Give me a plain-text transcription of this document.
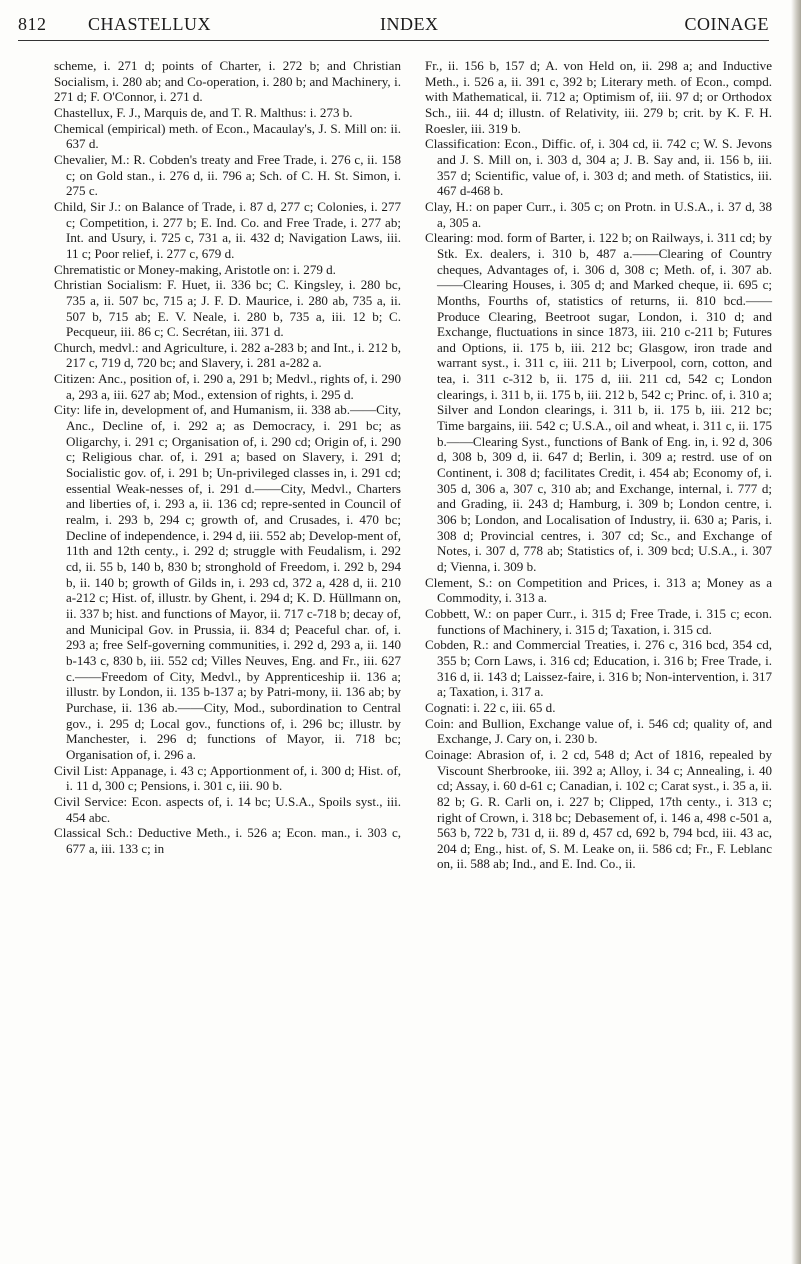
812 CHASTELLUX	INDEX	COINAGE

scheme, i. 271 d; points of Charter, i. 272 b; and Christian Socialism, i. 280 ab; and Co-operation, i. 280 b; and Machinery, i. 271 d; F. O'Connor, i. 271 d.

Chastellux, F. J., Marquis de, and T. R. Malthus: i. 273 b.

Chemical (empirical) meth. of Econ., Macaulay's, J. S. Mill on: ii. 637 d.

Chevalier, M.: R. Cobden's treaty and Free Trade, i. 276 c, ii. 158 c; on Gold stan., i. 276 d, ii. 796 a; Sch. of C. H. St. Simon, i. 275 c.

Child, Sir J.: on Balance of Trade, i. 87 d, 277 c; Colonies, i. 277 c; Competition, i. 277 b; E. Ind. Co. and Free Trade, i. 277 ab; Int. and Usury, i. 725 c, 731 a, ii. 432 d; Navigation Laws, iii. 11 c; Poor relief, i. 277 c, 679 d.

Chrematistic or Money-making, Aristotle on: i. 279 d.

Christian Socialism: F. Huet, ii. 336 bc; C. Kingsley, i. 280 bc, 735 a, ii. 507 bc, 715 a; J. F. D. Maurice, i. 280 ab, 735 a, ii. 507 b, 715 ab; E. V. Neale, i. 280 b, 735 a, iii. 12 b; C. Pecqueur, iii. 86 c; C. Secrétan, iii. 371 d.

Church, medvl.: and Agriculture, i. 282 a-283 b; and Int., i. 212 b, 217 c, 719 d, 720 bc; and Slavery, i. 281 a-282 a.

Citizen: Anc., position of, i. 290 a, 291 b; Medvl., rights of, i. 290 a, 293 a, iii. 627 ab; Mod., extension of rights, i. 295 d.

City: life in, development of, and Humanism, ii. 338 ab.——City, Anc., Decline of, i. 292 a; as Democracy, i. 291 bc; as Oligarchy, i. 291 c; Organisation of, i. 290 cd; Origin of, i. 290 c; Religious char. of, i. 291 a; based on Slavery, i. 291 d; Socialistic gov. of, i. 291 b; Un-privileged classes in, i. 291 cd; essential Weak-nesses of, i. 291 d.——City, Medvl., Charters and liberties of, i. 293 a, ii. 136 cd; repre-sented in Council of realm, i. 293 b, 294 c; growth of, and Crusades, i. 470 bc; Decline of independence, i. 294 d, iii. 552 ab; Develop-ment of, 11th and 12th centy., i. 292 d; struggle with Feudalism, i. 292 cd, ii. 55 b, 140 b, 830 b; stronghold of Freedom, i. 292 b, 294 b, ii. 140 b; growth of Gilds in, i. 293 cd, 372 a, 428 d, ii. 210 a-212 c; Hist. of, illustr. by Ghent, i. 294 d; K. D. Hüllmann on, ii. 337 b; hist. and functions of Mayor, ii. 717 c-718 b; decay of, and Municipal Gov. in Prussia, ii. 834 d; Peaceful char. of, i. 293 a; free Self-governing communities, i. 292 d, 293 a, ii. 140 b-143 c, 830 b, iii. 552 cd; Villes Neuves, Eng. and Fr., iii. 627 c.——Freedom of City, Medvl., by Apprenticeship ii. 136 a; illustr. by London, ii. 135 b-137 a; by Patri-mony, ii. 136 ab; by Purchase, ii. 136 ab.——City, Mod., subordination to Central gov., i. 295 d; Local gov., functions of, i. 296 bc; illustr. by Manchester, i. 296 d; functions of Mayor, ii. 718 bc; Organisation of, i. 296 a.

Civil List: Appanage, i. 43 c; Apportionment of, i. 300 d; Hist. of, i. 11 d, 300 c; Pensions, i. 301 c, iii. 90 b.

Civil Service: Econ. aspects of, i. 14 bc; U.S.A., Spoils syst., iii. 454 abc.

Classical Sch.: Deductive Meth., i. 526 a; Econ. man., i. 303 c, 677 a, iii. 133 c; in

Fr., ii. 156 b, 157 d; A. von Held on, ii. 298 a; and Inductive Meth., i. 526 a, ii. 391 c, 392 b; Literary meth. of Econ., compd. with Mathematical, ii. 712 a; Optimism of, iii. 97 d; or Orthodox Sch., iii. 44 d; illustn. of Relativity, iii. 279 b; crit. by K. F. H. Roesler, iii. 319 b.

Classification: Econ., Diffic. of, i. 304 cd, ii. 742 c; W. S. Jevons and J. S. Mill on, i. 303 d, 304 a; J. B. Say and, ii. 156 b, iii. 357 d; Scientific, value of, i. 303 d; and meth. of Statistics, iii. 467 d-468 b.

Clay, H.: on paper Curr., i. 305 c; on Protn. in U.S.A., i. 37 d, 38 a, 305 a.

Clearing: mod. form of Barter, i. 122 b; on Railways, i. 311 cd; by Stk. Ex. dealers, i. 310 b, 487 a.——Clearing of Country cheques, Advantages of, i. 306 d, 308 c; Meth. of, i. 307 ab.——Clearing Houses, i. 305 d; and Marked cheque, ii. 695 c; Months, Fourths of, statistics of returns, ii. 810 bcd.——Produce Clearing, Beetroot sugar, London, i. 310 d; and Exchange, fluctuations in since 1873, iii. 210 c-211 b; Futures and Options, ii. 175 b, iii. 212 bc; Glasgow, iron trade and warrant syst., i. 311 c, iii. 211 b; Liverpool, corn, cotton, and tea, i. 311 c-312 b, ii. 175 d, iii. 211 cd, 542 c; London clearings, i. 311 b, ii. 175 b, iii. 212 b, 542 c; Princ. of, i. 310 a; Silver and London clearings, i. 311 b, ii. 175 b, iii. 212 bc; Time bargains, iii. 542 c; U.S.A., oil and wheat, i. 311 c, ii. 175 b.——Clearing Syst., functions of Bank of Eng. in, i. 92 d, 306 d, 308 b, 309 d, ii. 647 d; Berlin, i. 309 a; restrd. use of on Continent, i. 308 d; facilitates Credit, i. 454 ab; Economy of, i. 305 d, 306 a, 307 c, 310 ab; and Exchange, internal, i. 777 d; and Grading, ii. 243 d; Hamburg, i. 309 b; London centre, i. 306 b; London, and Localisation of Industry, ii. 630 a; Paris, i. 308 d; Provincial centres, i. 307 cd; Sc., and Exchange of Notes, i. 307 d, 778 ab; Statistics of, i. 309 bcd; U.S.A., i. 307 d; Vienna, i. 309 b.

Clement, S.: on Competition and Prices, i. 313 a; Money as a Commodity, i. 313 a.

Cobbett, W.: on paper Curr., i. 315 d; Free Trade, i. 315 c; econ. functions of Machinery, i. 315 d; Taxation, i. 315 cd.

Cobden, R.: and Commercial Treaties, i. 276 c, 316 bcd, 354 cd, 355 b; Corn Laws, i. 316 cd; Education, i. 316 b; Free Trade, i. 316 d, ii. 143 d; Laissez-faire, i. 316 b; Non-intervention, i. 317 a; Taxation, i. 317 a.

Cognati: i. 22 c, iii. 65 d.

Coin: and Bullion, Exchange value of, i. 546 cd; quality of, and Exchange, J. Cary on, i. 230 b.

Coinage: Abrasion of, i. 2 cd, 548 d; Act of 1816, repealed by Viscount Sherbrooke, iii. 392 a; Alloy, i. 34 c; Annealing, i. 40 cd; Assay, i. 60 d-61 c; Canadian, i. 102 c; Carat syst., i. 35 a, ii. 82 b; G. R. Carli on, i. 227 b; Clipped, 17th centy., i. 313 c; right of Crown, i. 318 bc; Debasement of, i. 146 a, 498 c-501 a, 563 b, 722 b, 731 d, ii. 89 d, 457 cd, 692 b, 794 bcd, iii. 43 ac, 204 d; Eng., hist. of, S. M. Leake on, ii. 586 cd; Fr., F. Leblanc on, ii. 588 ab; Ind., and E. Ind. Co., ii.
